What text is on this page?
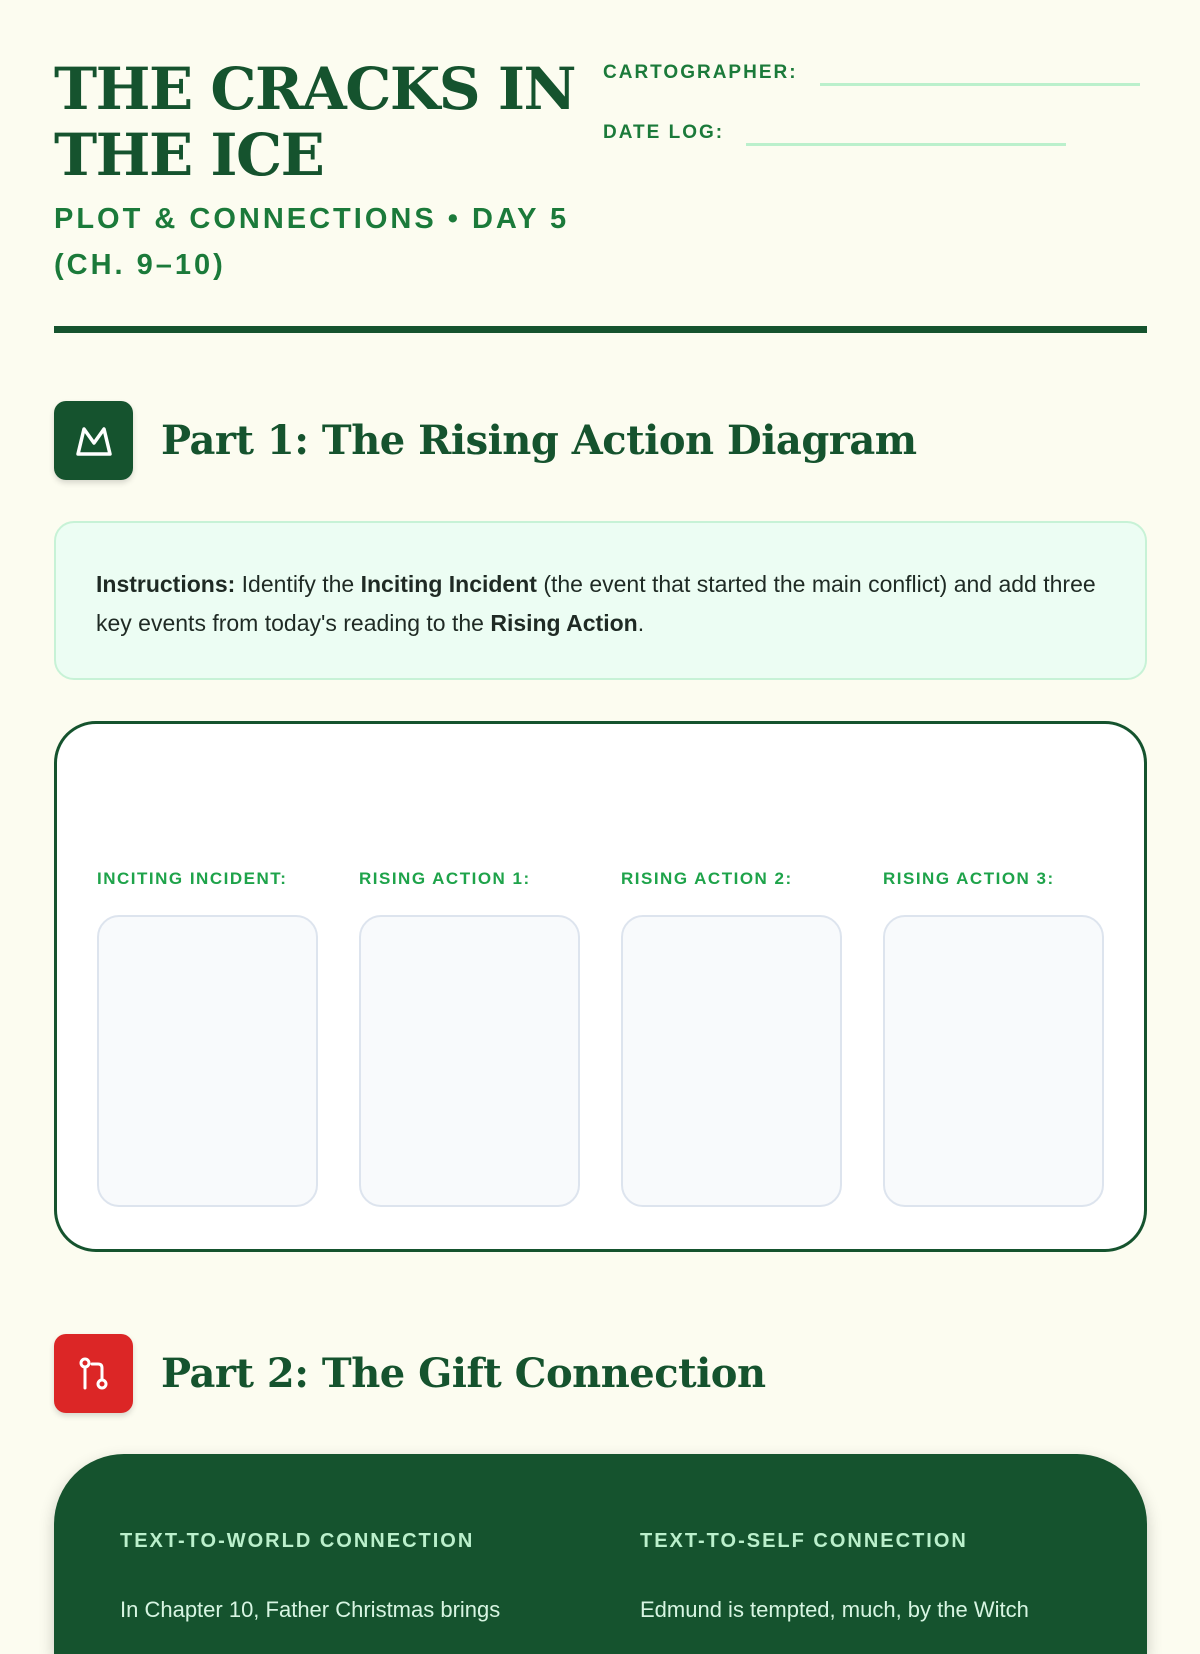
THE CRACKS IN THE ICE
PLOT & CONNECTIONS • DAY 5 (CH. 9–10)
CARTOGRAPHER:
DATE LOG:
Part 1: The Rising Action Diagram
Instructions: Identify the Inciting Incident (the event that started the main conflict) and add three key events from today's reading to the Rising Action.
INCITING INCIDENT:	RISING ACTION 1:	RISING ACTION 2:	RISING ACTION 3:
Part 2: The Gift Connection
TEXT-TO-WORLD CONNECTION
In Chapter 10, Father Christmas brings
TEXT-TO-SELF CONNECTION
Edmund is tempted, much, by the Witch
